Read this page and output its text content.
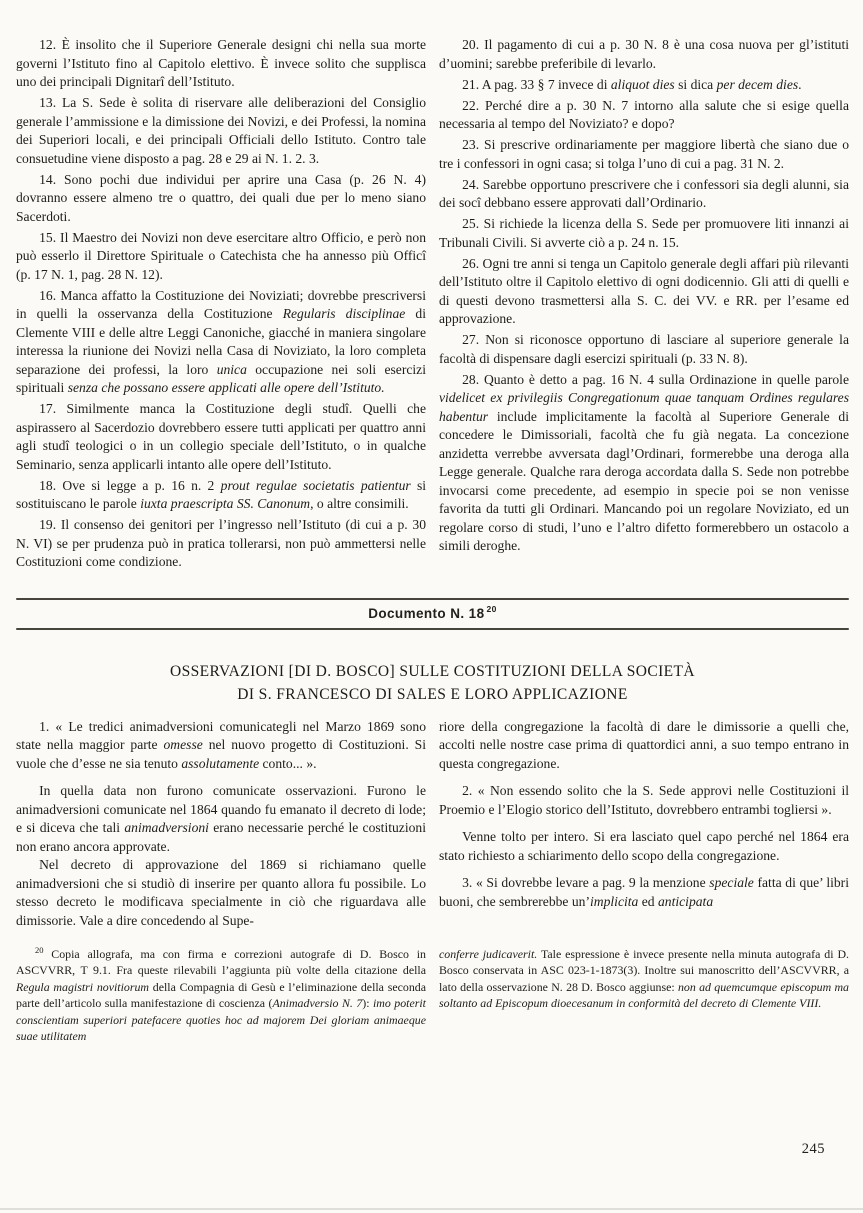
12. È insolito che il Superiore Generale designi chi nella sua morte governi l’Istituto fino al Capitolo elettivo. È invece solito che supplisca uno dei principali Dignitarî dell’Istituto.

13. La S. Sede è solita di riservare alle deliberazioni del Consiglio generale l’ammissione e la dimissione dei Novizi, e dei Professi, la nomina dei Superiori locali, e dei principali Officiali dello Istituto. Contro tale consuetudine viene disposto a pag. 28 e 29 ai N. 1. 2. 3.

14. Sono pochi due individui per aprire una Casa (p. 26 N. 4) dovranno essere almeno tre o quattro, dei quali due per lo meno siano Sacerdoti.

15. Il Maestro dei Novizi non deve esercitare altro Officio, e però non può esserlo il Direttore Spirituale o Catechista che ha annesso più Officî (p. 17 N. 1, pag. 28 N. 12).

16. Manca affatto la Costituzione dei Noviziati; dovrebbe prescriversi in quelli la osservanza della Costituzione Regularis disciplinae di Clemente VIII e delle altre Leggi Canoniche, giacché in maniera singolare interessa la riunione dei Novizi nella Casa di Noviziato, la loro completa separazione dei professi, la loro unica occupazione nei soli esercizi spirituali senza che possano essere applicati alle opere dell’Istituto.

17. Similmente manca la Costituzione degli studî. Quelli che aspirassero al Sacerdozio dovrebbero essere tutti applicati per quattro anni agli studî teologici o in un collegio speciale dell’Istituto, o in qualche Seminario, senza applicarli intanto alle opere dell’Istituto.

18. Ove si legge a p. 16 n. 2 prout regulae societatis patientur si sostituiscano le parole iuxta praescripta SS. Canonum, o altre consimili.

19. Il consenso dei genitori per l’ingresso nell’Istituto (di cui a p. 30 N. VI) se per prudenza può in pratica tollerarsi, non può ammettersi nelle Costituzioni come condizione.

20. Il pagamento di cui a p. 30 N. 8 è una cosa nuova per gl’istituti d’uomini; sarebbe preferibile di levarlo.

21. A pag. 33 § 7 invece di aliquot dies si dica per decem dies.

22. Perché dire a p. 30 N. 7 intorno alla salute che si esige quella necessaria al tempo del Noviziato? e dopo?

23. Si prescrive ordinariamente per maggiore libertà che siano due o tre i confessori in ogni casa; si tolga l’uno di cui a pag. 31 N. 2.

24. Sarebbe opportuno prescrivere che i confessori sia degli alunni, sia dei socî debbano essere approvati dall’Ordinario.

25. Si richiede la licenza della S. Sede per promuovere liti innanzi ai Tribunali Civili. Si avverte ciò a p. 24 n. 15.

26. Ogni tre anni si tenga un Capitolo generale degli affari più rilevanti dell’Istituto oltre il Capitolo elettivo di ogni dodicennio. Gli atti di quelli e di questi devono trasmettersi alla S. C. dei VV. e RR. per l’esame ed approvazione.

27. Non si riconosce opportuno di lasciare al superiore generale la facoltà di dispensare dagli esercizi spirituali (p. 33 N. 8).

28. Quanto è detto a pag. 16 N. 4 sulla Ordinazione in quelle parole videlicet ex privilegiis Congregationum quae tanquam Ordines regulares habentur include implicitamente la facoltà al Superiore Generale di concedere le Dimissoriali, facoltà che fu già negata. La concezione anzidetta verrebbe avversata dagl’Ordinari, formerebbe una deroga alla Legge generale. Qualche rara deroga accordata dalla S. Sede non potrebbe invocarsi come precedente, ad esempio in specie poi se non venisse favorita da tutti gli Ordinari. Mancando poi un regolare Noviziato, ed un regolare corso di studi, l’uno e l’altro difetto formerebbero un ostacolo a simili deroghe.

Documento N. 18 $^{20}$
OSSERVAZIONI [DI D. BOSCO] SULLE COSTITUZIONI DELLA SOCIETÀ
DI S. FRANCESCO DI SALES E LORO APPLICAZIONE

1. « Le tredici animadversioni comunicategli nel Marzo 1869 sono state nella maggior parte omesse nel nuovo progetto di Costituzioni. Si vuole che d’esse ne sia tenuto assolutamente conto... ».

In quella data non furono comunicate osservazioni. Furono le animadversioni comunicate nel 1864 quando fu emanato il decreto di lode; e si diceva che tali animadversioni erano necessarie perché le costituzioni non erano ancora approvate.

Nel decreto di approvazione del 1869 si richiamano quelle animadversioni che si studiò di inserire per quanto allora fu possibile. Lo stesso decreto le modificava specialmente in ciò che riguardava alle dimissorie. Vale a dire concedendo al Supe-

riore della congregazione la facoltà di dare le dimissorie a quelli che, accolti nelle nostre case prima di quattordici anni, a suo tempo entrano in questa congregazione.

2. « Non essendo solito che la S. Sede approvi nelle Costituzioni il Proemio e l’Elogio storico dell’Istituto, dovrebbero entrambi togliersi ».

Venne tolto per intero. Si era lasciato quel capo perché nel 1864 era stato richiesto a schiarimento dello scopo della congregazione.

3. « Si dovrebbe levare a pag. 9 la menzione speciale fatta di que’ libri buoni, che sembrerebbe un’implicita ed anticipata

$^{20}$ Copia allografa, ma con firma e correzioni autografe di D. Bosco in ASCVVRR, T 9.1. Fra queste rilevabili l’aggiunta più volte della citazione della Regula magistri novitiorum della Compagnia di Gesù e l’eliminazione della seconda parte dell’articolo sulla manifestazione di coscienza (Animadversio N. 7): imo poterit conscientiam superiori patefacere quoties hoc ad majorem Dei gloriam animaeque suae utilitatem
conferre judicaverit. Tale espressione è invece presente nella minuta autografa di D. Bosco conservata in ASC 023-1-1873(3). Inoltre sui manoscritto dell’ASCVVRR, a lato della osservazione N. 28 D. Bosco aggiunse: non ad quemcumque episcopum ma soltanto ad Episcopum dioecesanum in conformità del decreto di Clemente VIII.
245
